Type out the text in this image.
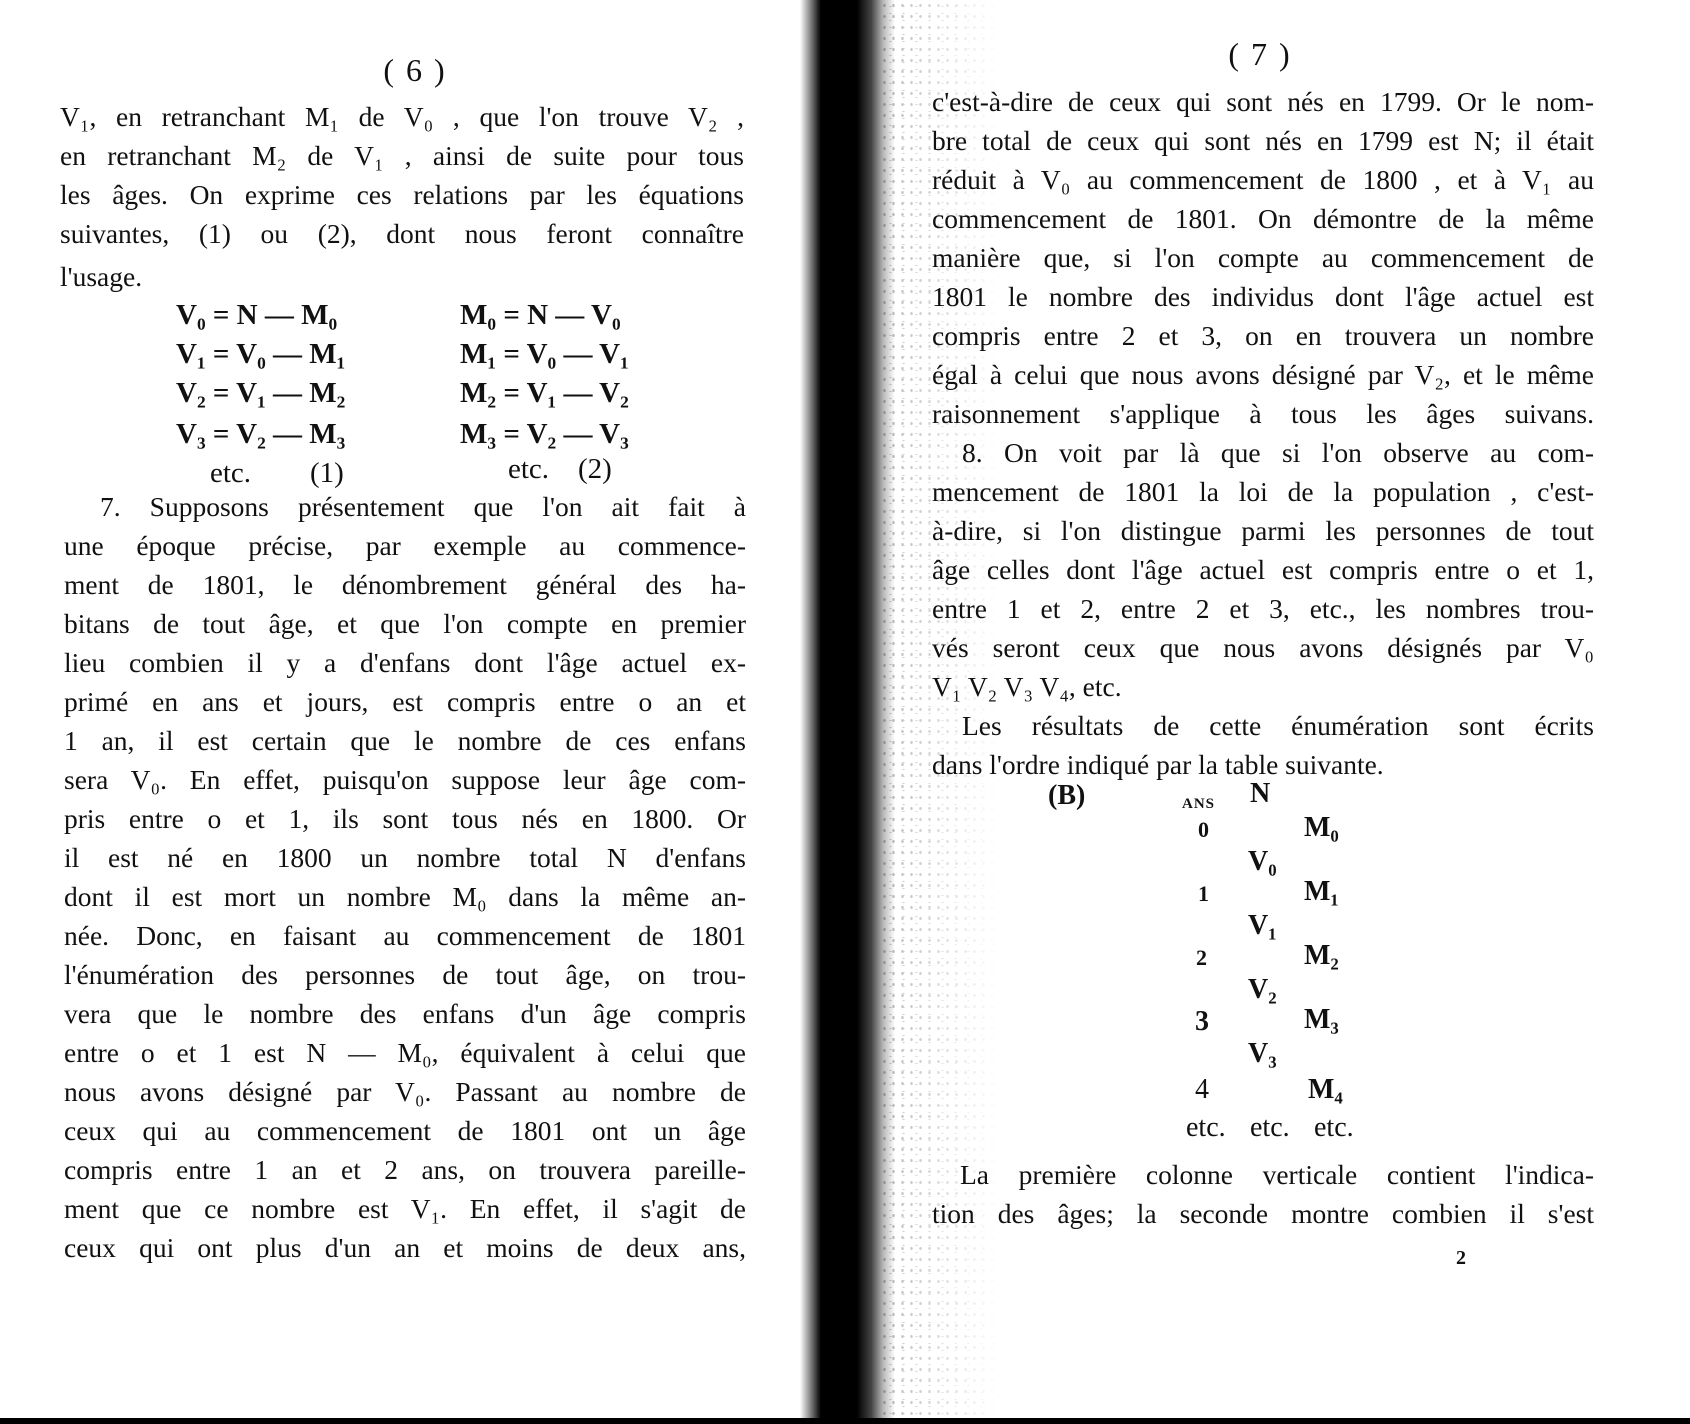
( 6 )
V₁, en retranchant M₁ de V₀ , que l'on trouve V₂ ,
en retranchant M₂ de V₁ , ainsi de suite pour tous
les âges. On exprime ces relations par les équations
suivantes, (1) ou (2), dont nous feront connaître
l'usage.
V₀ = N — M₀
V₁ = V₀ — M₁
V₂ = V₁ — M₂
V₃ = V₂ — M₃
M₀ = N — V₀
M₁ = V₀ — V₁
M₂ = V₁ — V₂
M₃ = V₂ — V₃
etc. (1)	etc. (2)
7. Supposons présentement que l'on ait fait à
une époque précise, par exemple au commence-
ment de 1801, le dénombrement général des ha-
bitans de tout âge, et que l'on compte en premier
lieu combien il y a d'enfans dont l'âge actuel ex-
primé en ans et jours, est compris entre o an et
1 an, il est certain que le nombre de ces enfans
sera V₀. En effet, puisqu'on suppose leur âge com-
pris entre o et 1, ils sont tous nés en 1800. Or
il est né en 1800 un nombre total N d'enfans
dont il est mort un nombre M₀ dans la même an-
née. Donc, en faisant au commencement de 1801
l'énumération des personnes de tout âge, on trou-
vera que le nombre des enfans d'un âge compris
entre o et 1 est N — M₀, équivalent à celui que
nous avons désigné par V₀. Passant au nombre de
ceux qui au commencement de 1801 ont un âge
compris entre 1 an et 2 ans, on trouvera pareille-
ment que ce nombre est V₁. En effet, il s'agit de
ceux qui ont plus d'un an et moins de deux ans,
( 7 )
c'est-à-dire de ceux qui sont nés en 1799. Or le nom-
bre total de ceux qui sont nés en 1799 est N; il était
réduit à V₀ au commencement de 1800 , et à V₁ au
commencement de 1801. On démontre de la même
manière que, si l'on compte au commencement de
1801 le nombre des individus dont l'âge actuel est
compris entre 2 et 3, on en trouvera un nombre
égal à celui que nous avons désigné par V₂, et le même
raisonnement s'applique à tous les âges suivans.
8. On voit par là que si l'on observe au com-
mencement de 1801 la loi de la population , c'est-
à-dire, si l'on distingue parmi les personnes de tout
âge celles dont l'âge actuel est compris entre o et 1,
entre 1 et 2, entre 2 et 3, etc., les nombres trou-
vés seront ceux que nous avons désignés par V₀
V₁ V₂ V₃ V₄, etc.
Les résultats de cette énumération sont écrits
dans l'ordre indiqué par la table suivante.
(B)	ANS N
0
1
2
3
4
M₀
M₁
M₂
M₃
M₄
V₀
V₁
V₂
V₃
etc. etc. etc.
La première colonne verticale contient l'indica-
tion des âges; la seconde montre combien il s'est
2
